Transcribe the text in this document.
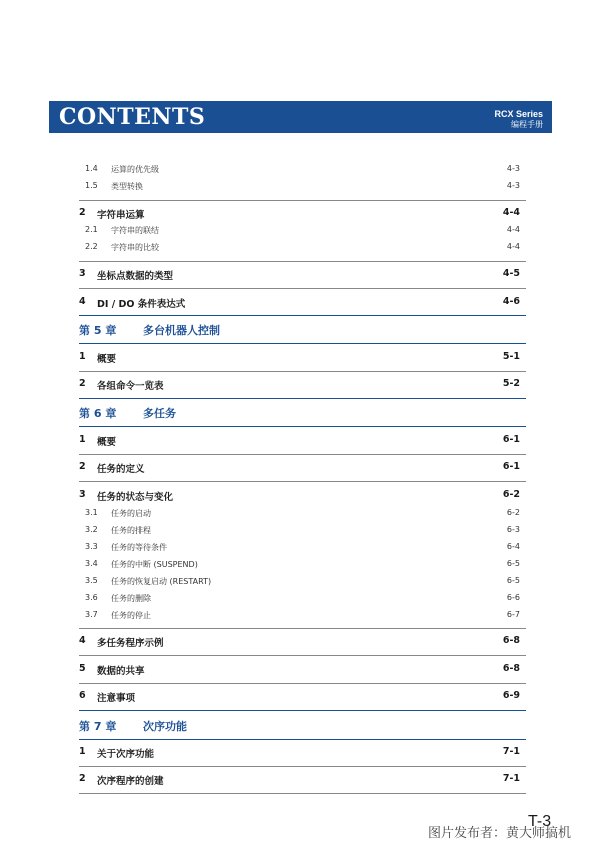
CONTENTS	RCX Series
编程手册
1.4 运算的优先级	4-3
1.5 类型转换	4-3
2 字符串运算	4-4
2.1 字符串的联结	4-4
2.2 字符串的比较	4-4
3 坐标点数据的类型	4-5
4 DI / DO 条件表达式	4-6
第 5 章 多台机器人控制
1 概要	5-1
2 各组命令一览表	5-2
第 6 章 多任务
1 概要	6-1
2 任务的定义	6-1
3 任务的状态与变化	6-2
3.1 任务的启动	6-2
3.2 任务的排程	6-3
3.3 任务的等待条件	6-4
3.4 任务的中断 (SUSPEND)	6-5
3.5 任务的恢复启动 (RESTART)	6-5
3.6 任务的删除	6-6
3.7 任务的停止	6-7
4 多任务程序示例	6-8
5 数据的共享	6-8
6 注意事项	6-9
第 7 章 次序功能
1 关于次序功能	7-1
2 次序程序的创建	7-1
T-3
图片发布者：黄大师搞机
